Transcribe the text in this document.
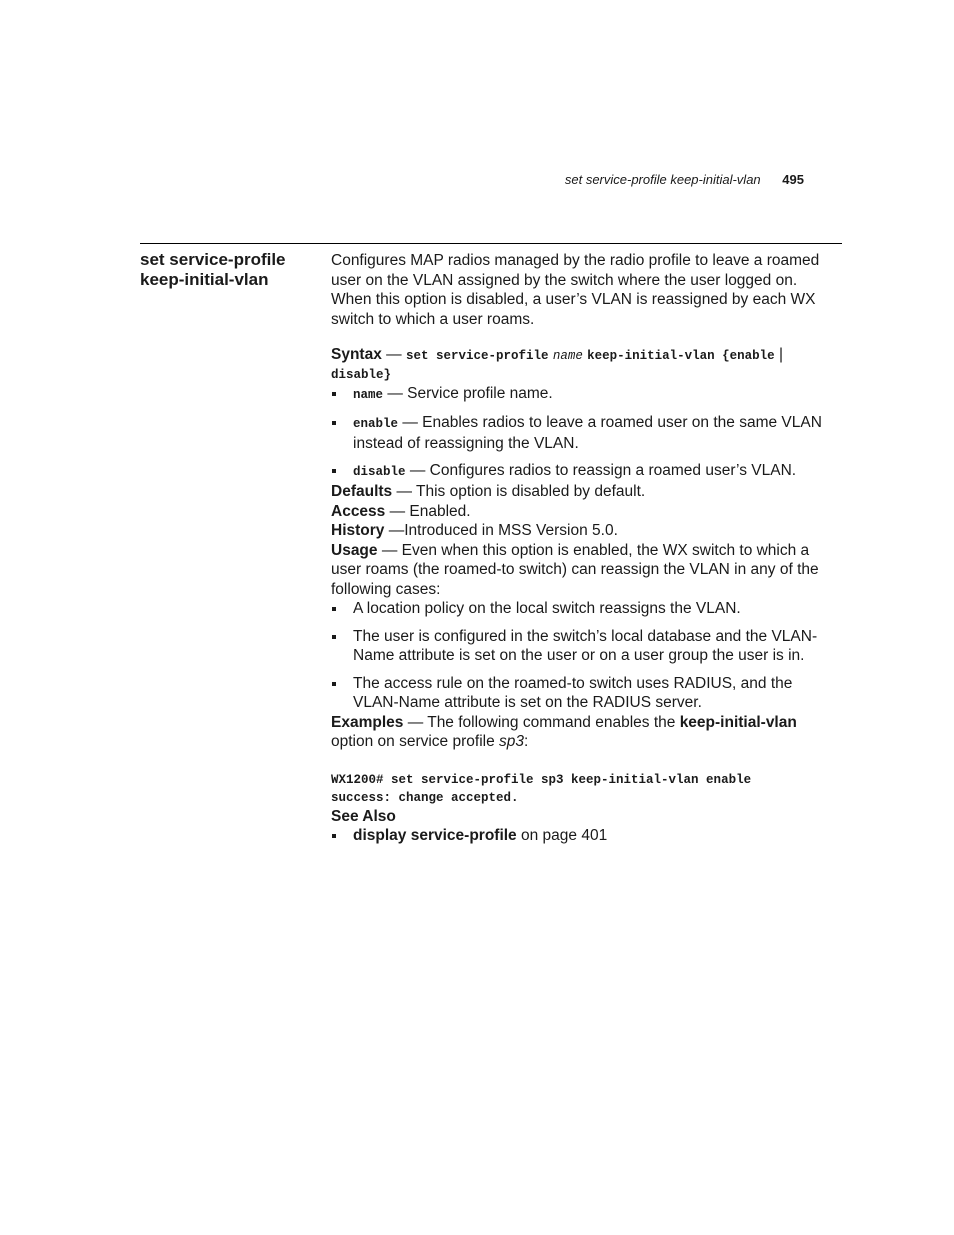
set service-profile keep-initial-vlan 495
set service-profile
keep-initial-vlan

Configures MAP radios managed by the radio profile to leave a roamed user on the VLAN assigned by the switch where the user logged on. When this option is disabled, a user’s VLAN is reassigned by each WX switch to which a user roams.

Syntax — set service-profile name keep-initial-vlan {enable | disable}
name — Service profile name.
enable — Enables radios to leave a roamed user on the same VLAN instead of reassigning the VLAN.
disable — Configures radios to reassign a roamed user’s VLAN.

Defaults — This option is disabled by default.

Access — Enabled.

History —Introduced in MSS Version 5.0.

Usage — Even when this option is enabled, the WX switch to which a user roams (the roamed-to switch) can reassign the VLAN in any of the following cases:

A location policy on the local switch reassigns the VLAN.
The user is configured in the switch’s local database and the VLAN-Name attribute is set on the user or on a user group the user is in.
The access rule on the roamed-to switch uses RADIUS, and the VLAN-Name attribute is set on the RADIUS server.

Examples — The following command enables the keep-initial-vlan option on service profile sp3:

WX1200# set service-profile sp3 keep-initial-vlan enable
success: change accepted.

See Also

display service-profile on page 401
